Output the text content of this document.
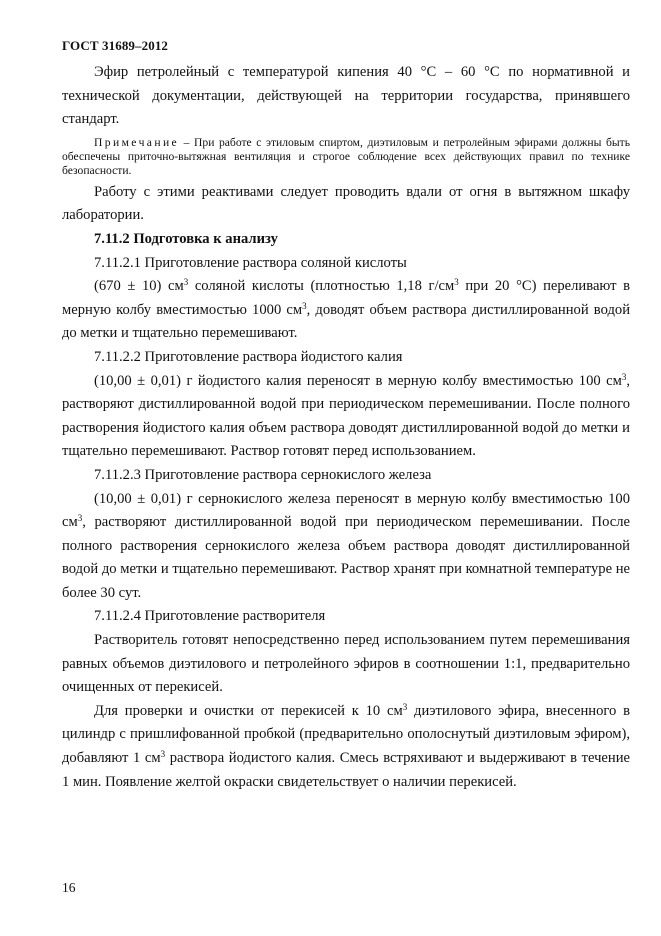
ГОСТ 31689–2012

Эфир петролейный с температурой кипения 40 °С – 60 °С по нормативной и технической документации, действующей на территории государства, принявшего стандарт.

Примечание – При работе с этиловым спиртом, диэтиловым и петролейным эфирами должны быть обеспечены приточно-вытяжная вентиляция и строгое соблюдение всех действующих правил по технике безопасности.

Работу с этими реактивами следует проводить вдали от огня в вытяжном шкафу лаборатории.

7.11.2 Подготовка к анализу

7.11.2.1 Приготовление раствора соляной кислоты

(670 ± 10) $см^3$ соляной кислоты (плотностью 1,18 $г/см^3$ при 20 °С) переливают в мерную колбу вместимостью 1000 $см^3$, доводят объем раствора дистиллированной водой до метки и тщательно перемешивают.

7.11.2.2 Приготовление раствора йодистого калия

(10,00 ± 0,01) г йодистого калия переносят в мерную колбу вместимостью 100 $см^3$, растворяют дистиллированной водой при периодическом перемешивании. После полного растворения йодистого калия объем раствора доводят дистиллированной водой до метки и тщательно перемешивают. Раствор готовят перед использованием.

7.11.2.3 Приготовление раствора сернокислого железа

(10,00 ± 0,01) г сернокислого железа переносят в мерную колбу вместимостью 100 $см^3$, растворяют дистиллированной водой при периодическом перемешивании. После полного растворения сернокислого железа объем раствора доводят дистиллированной водой до метки и тщательно перемешивают. Раствор хранят при комнатной температуре не более 30 сут.

7.11.2.4 Приготовление растворителя

Растворитель готовят непосредственно перед использованием путем перемешивания равных объемов диэтилового и петролейного эфиров в соотношении 1:1, предварительно очищенных от перекисей.

Для проверки и очистки от перекисей к 10 $см^3$ диэтилового эфира, внесенного в цилиндр с пришлифованной пробкой (предварительно ополоснутый диэтиловым эфиром), добавляют 1 $см^3$ раствора йодистого калия. Смесь встряхивают и выдерживают в течение 1 мин. Появление желтой окраски свидетельствует о наличии перекисей.

16
